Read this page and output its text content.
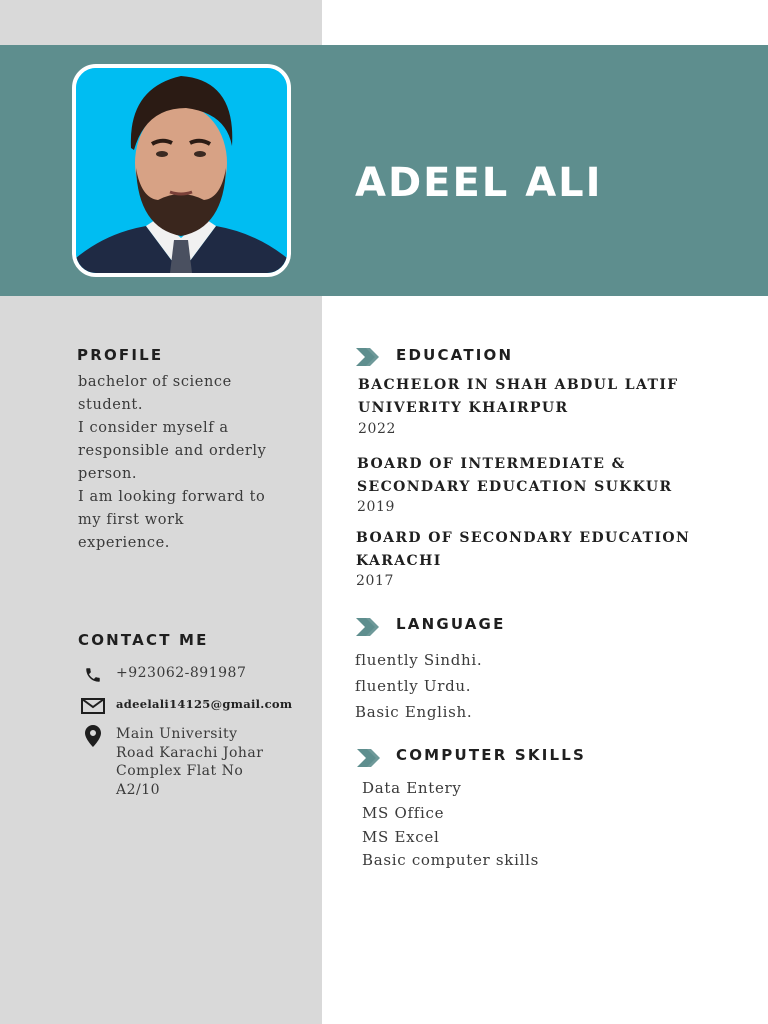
ADEEL ALI
PROFILE

bachelor of science

student.

I consider myself a

responsible and orderly

person.

I am looking forward to

my first work

experience.

CONTACT ME
+923062-891987
adeelali14125@gmail.com

Main University

Road Karachi Johar

Complex Flat No

A2/10

EDUCATION

BACHELOR IN SHAH ABDUL LATIF

UNIVERITY KHAIRPUR

2022

BOARD OF INTERMEDIATE &

SECONDARY EDUCATION SUKKUR

2019

BOARD OF SECONDARY EDUCATION

KARACHI

2017
LANGUAGE
fluently Sindhi.
fluently Urdu.
Basic English.
COMPUTER SKILLS
Data Entery
MS Office
MS Excel
Basic computer skills
